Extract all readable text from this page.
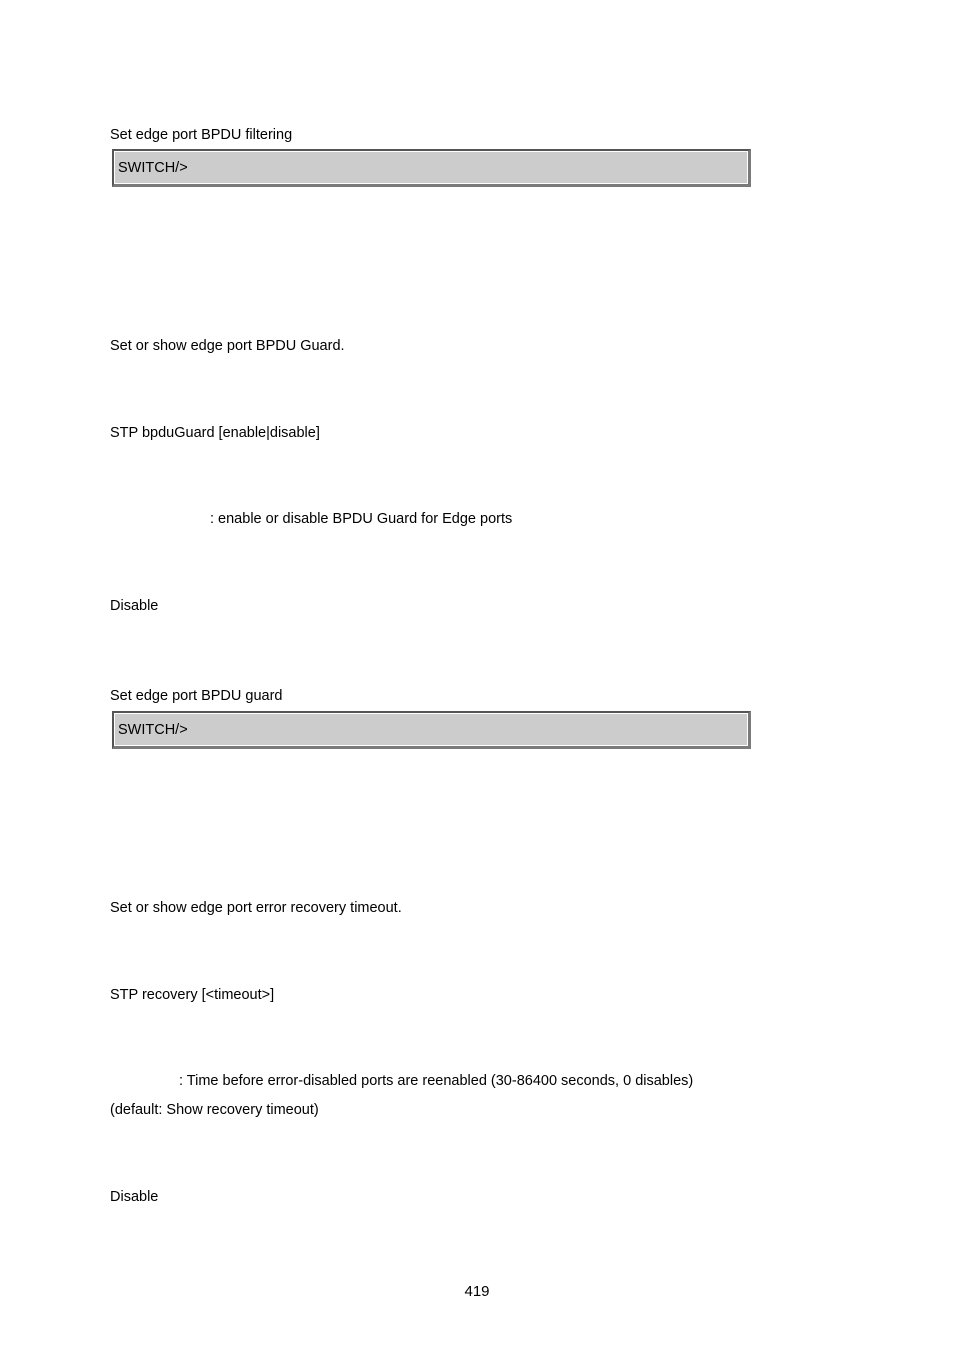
Set edge port BPDU filtering
SWITCH/>
Set or show edge port BPDU Guard.
STP bpduGuard [enable|disable]
: enable or disable BPDU Guard for Edge ports
Disable
Set edge port BPDU guard
SWITCH/>
Set or show edge port error recovery timeout.
STP recovery [<timeout>]
: Time before error-disabled ports are reenabled (30-86400 seconds, 0 disables)
(default: Show recovery timeout)
Disable
419
